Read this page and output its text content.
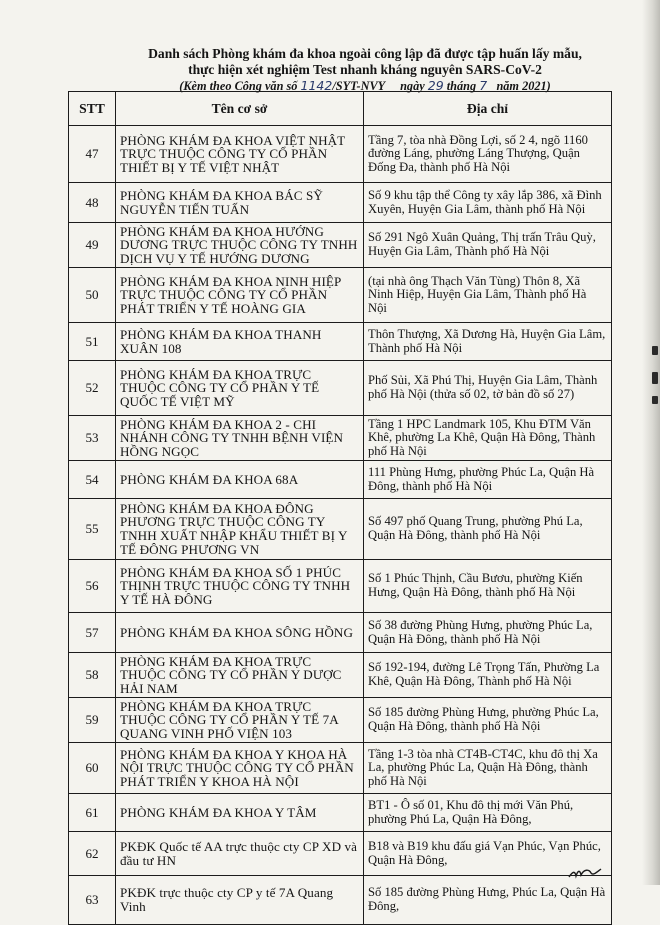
Danh sách Phòng khám đa khoa ngoài công lập đã được tập huấn lấy mẫu,
thực hiện xét nghiệm Test nhanh kháng nguyên SARS-CoV-2
(Kèm theo Công văn số 1142/SYT-NVY ngày 29 tháng 7 năm 2021)
STT	Tên cơ sở	Địa chỉ
47	PHÒNG KHÁM ĐA KHOA VIỆT NHẬT TRỰC THUỘC CÔNG TY CỔ PHẦN THIẾT BỊ Y TẾ VIỆT NHẬT	Tầng 7, tòa nhà Đồng Lợi, số 2 4, ngõ 1160 đường Láng, phường Láng Thượng, Quận Đống Đa, thành phố Hà Nội
48	PHÒNG KHÁM ĐA KHOA BÁC SỸ NGUYỄN TIẾN TUẤN	Số 9 khu tập thể Công ty xây lắp 386, xã Đình Xuyên, Huyện Gia Lâm, thành phố Hà Nội
49	PHÒNG KHÁM ĐA KHOA HƯỚNG DƯƠNG TRỰC THUỘC CÔNG TY TNHH DỊCH VỤ Y TẾ HƯỚNG DƯƠNG	Số 291 Ngô Xuân Quảng, Thị trấn Trâu Quỳ, Huyện Gia Lâm, Thành phố Hà Nội
50	PHÒNG KHÁM ĐA KHOA NINH HIỆP TRỰC THUỘC CÔNG TY CỔ PHẦN PHÁT TRIỂN Y TẾ HOÀNG GIA	(tại nhà ông Thạch Văn Tùng) Thôn 8, Xã Ninh Hiệp, Huyện Gia Lâm, Thành phố Hà Nội
51	PHÒNG KHÁM ĐA KHOA THANH XUÂN 108	Thôn Thượng, Xã Dương Hà, Huyện Gia Lâm, Thành phố Hà Nội
52	PHÒNG KHÁM ĐA KHOA TRỰC THUỘC CÔNG TY CỔ PHẦN Y TẾ QUỐC TẾ VIỆT MỸ	Phố Sủi, Xã Phú Thị, Huyện Gia Lâm, Thành phố Hà Nội (thửa số 02, tờ bản đồ số 27)
53	PHÒNG KHÁM ĐA KHOA 2 - CHI NHÁNH CÔNG TY TNHH BỆNH VIỆN HỒNG NGỌC	Tầng 1 HPC Landmark 105, Khu ĐTM Văn Khê, phường La Khê, Quận Hà Đông, Thành phố Hà Nội
54	PHÒNG KHÁM ĐA KHOA 68A	111 Phùng Hưng, phường Phúc La, Quận Hà Đông, thành phố Hà Nội
55	PHÒNG KHÁM ĐA KHOA ĐÔNG PHƯƠNG TRỰC THUỘC CÔNG TY TNHH XUẤT NHẬP KHẨU THIẾT BỊ Y TẾ ĐÔNG PHƯƠNG VN	Số 497 phố Quang Trung, phường Phú La, Quận Hà Đông, thành phố Hà Nội
56	PHÒNG KHÁM ĐA KHOA SỐ 1 PHÚC THỊNH TRỰC THUỘC CÔNG TY TNHH Y TẾ HÀ ĐÔNG	Số 1 Phúc Thịnh, Cầu Bươu, phường Kiến Hưng, Quận Hà Đông, thành phố Hà Nội
57	PHÒNG KHÁM ĐA KHOA SÔNG HỒNG	Số 38 đường Phùng Hưng, phường Phúc La, Quận Hà Đông, thành phố Hà Nội
58	PHÒNG KHÁM ĐA KHOA TRỰC THUỘC CÔNG TY CỔ PHẦN Y DƯỢC HẢI NAM	Số 192-194, đường Lê Trọng Tấn, Phường La Khê, Quận Hà Đông, Thành phố Hà Nội
59	PHÒNG KHÁM ĐA KHOA TRỰC THUỘC CÔNG TY CỔ PHẦN Y TẾ 7A QUANG VINH PHỐ VIỆN 103	Số 185 đường Phùng Hưng, phường Phúc La, Quận Hà Đông, thành phố Hà Nội
60	PHÒNG KHÁM ĐA KHOA Y KHOA HÀ NỘI TRỰC THUỘC CÔNG TY CỔ PHẦN PHÁT TRIỂN Y KHOA HÀ NỘI	Tầng 1-3 tòa nhà CT4B-CT4C, khu đô thị Xa La, phường Phúc La, Quận Hà Đông, thành phố Hà Nội
61	PHÒNG KHÁM ĐA KHOA Y TÂM	BT1 - Ô số 01, Khu đô thị mới Văn Phú, phường Phú La, Quận Hà Đông,
62	PKĐK Quốc tế AA trực thuộc cty CP XD và đầu tư HN	B18 và B19 khu đấu giá Vạn Phúc, Vạn Phúc, Quận Hà Đông,
63	PKĐK trực thuộc cty CP y tế 7A Quang Vinh	Số 185 đường Phùng Hưng, Phúc La, Quận Hà Đông,
